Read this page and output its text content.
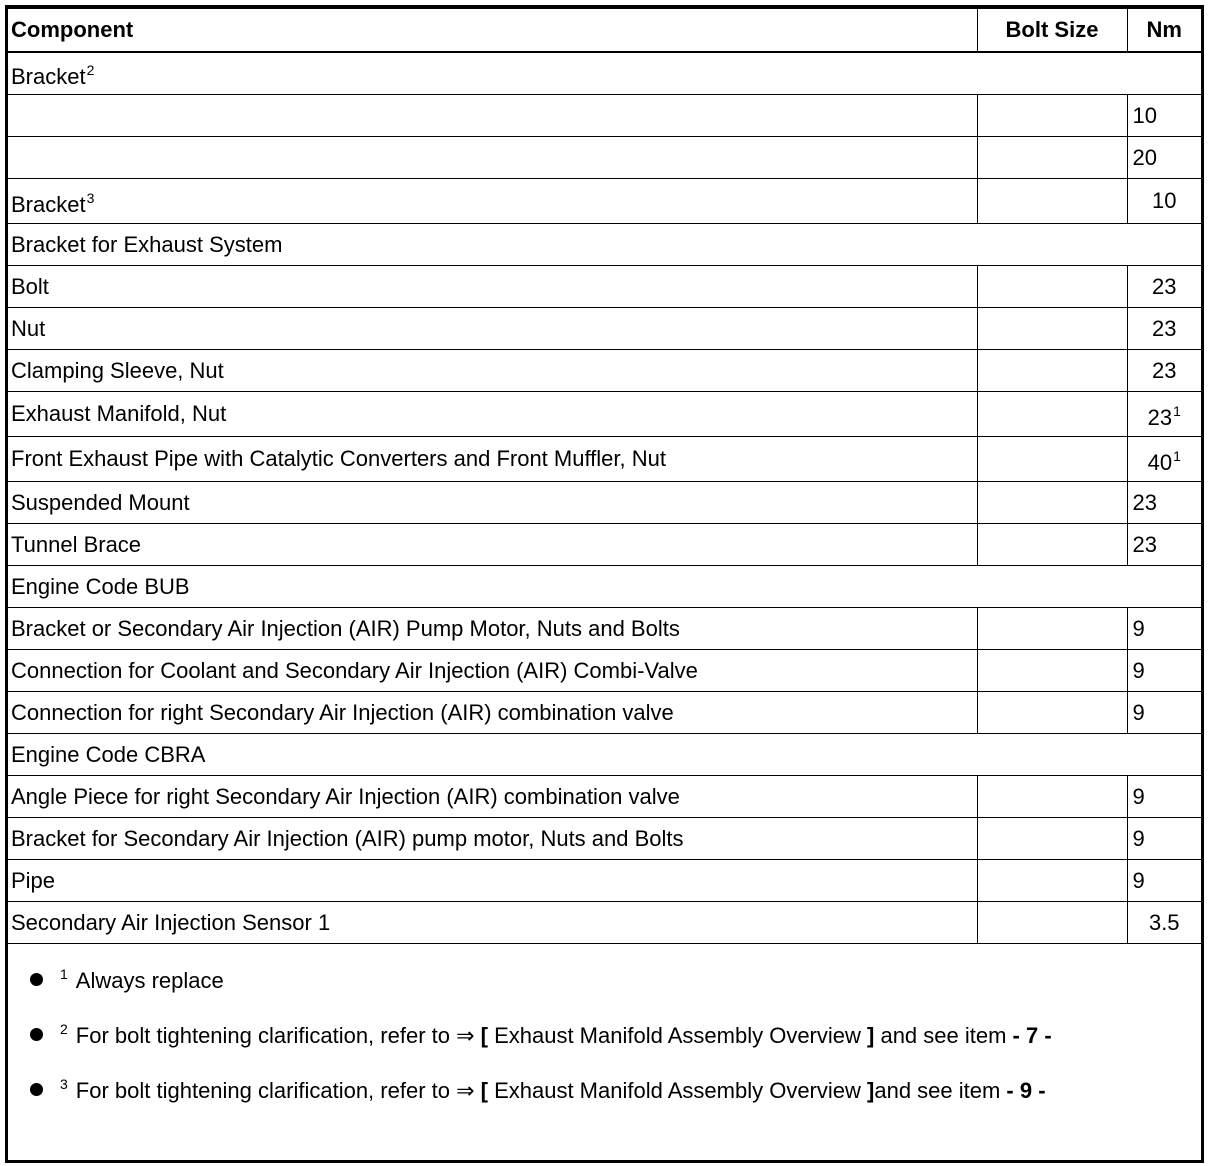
Component	Bolt Size	Nm
Bracket$^2$
		10
		20
Bracket$^3$		10
Bracket for Exhaust System		
Bolt		23
Nut		23
Clamping Sleeve, Nut		23
Exhaust Manifold, Nut		$23^1$
Front Exhaust Pipe with Catalytic Converters and Front Muffler, Nut		$40^1$
Suspended Mount		23
Tunnel Brace		23
Engine Code BUB		
Bracket or Secondary Air Injection (AIR) Pump Motor, Nuts and Bolts		9
Connection for Coolant and Secondary Air Injection (AIR) Combi-Valve		9
Connection for right Secondary Air Injection (AIR) combination valve		9
Engine Code CBRA		
Angle Piece for right Secondary Air Injection (AIR) combination valve		9
Bracket for Secondary Air Injection (AIR) pump motor, Nuts and Bolts		9
Pipe		9
Secondary Air Injection Sensor 1		3.5
$^1$ Always replace
$^2$ For bolt tightening clarification, refer to ⇒ [ Exhaust Manifold Assembly Overview ] and see item - 7 -
$^3$ For bolt tightening clarification, refer to ⇒ [ Exhaust Manifold Assembly Overview ]and see item - 9 -
